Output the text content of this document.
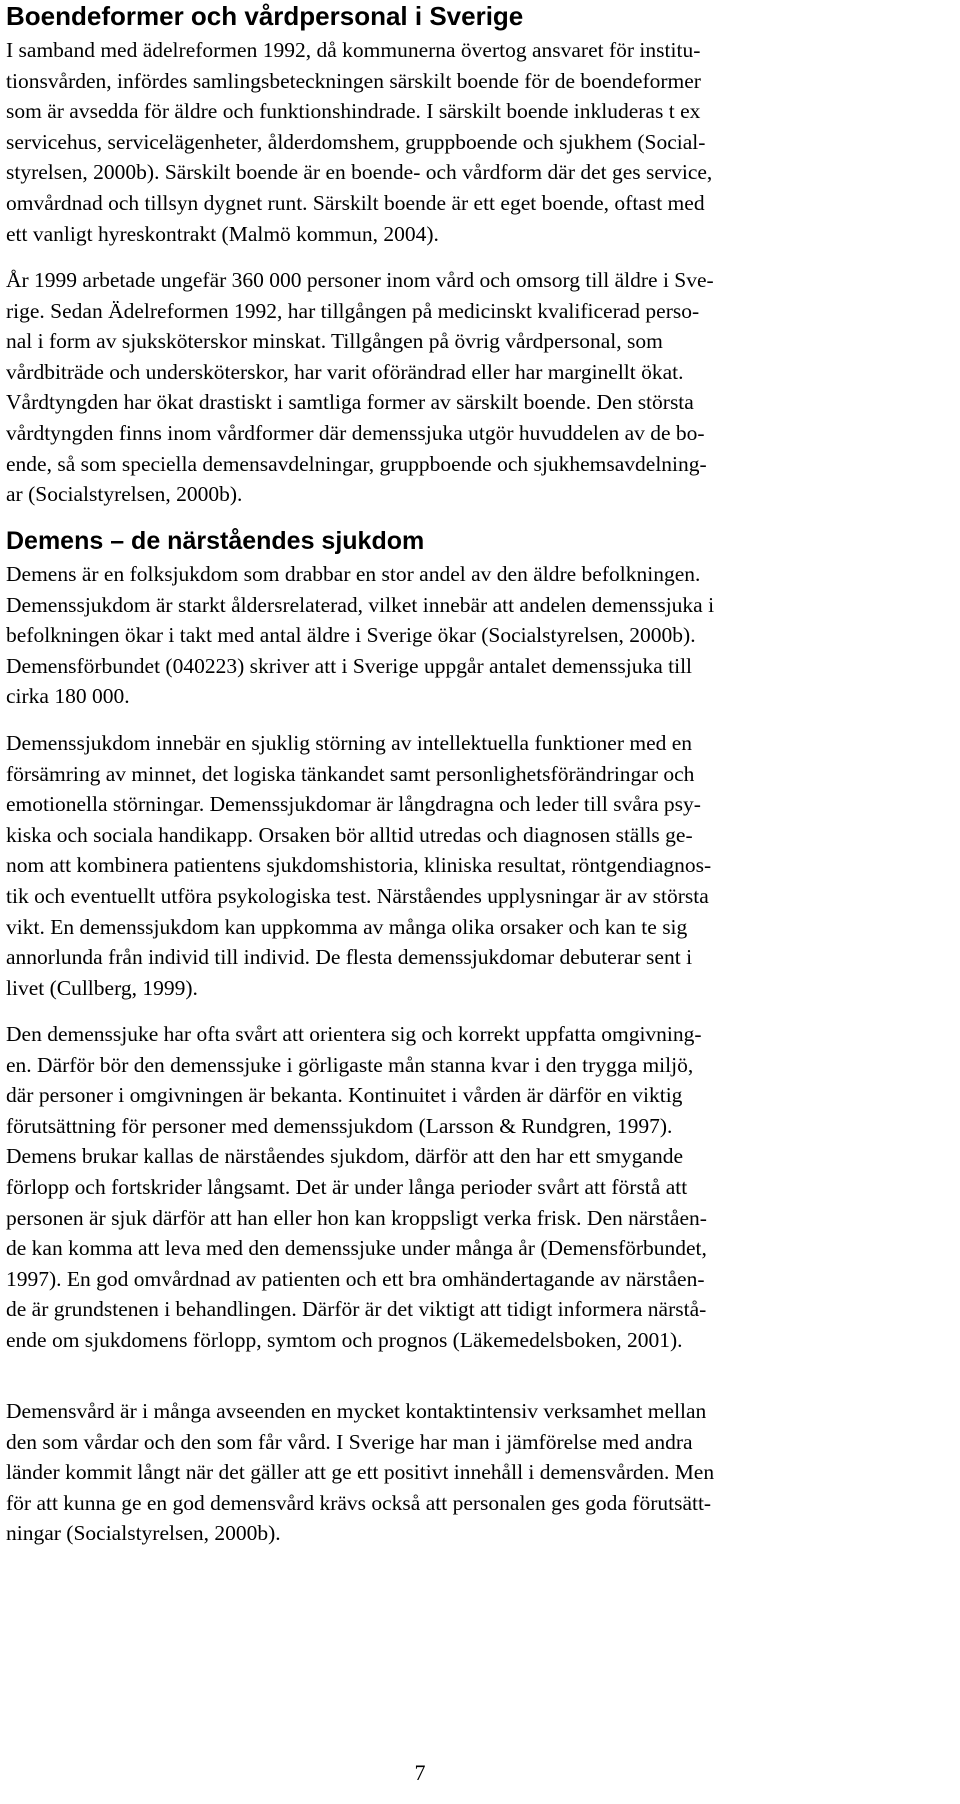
Boendeformer och vårdpersonal i Sverige
I samband med ädelreformen 1992, då kommunerna övertog ansvaret för institu-
tionsvården, infördes samlingsbeteckningen särskilt boende för de boendeformer
som är avsedda för äldre och funktionshindrade. I särskilt boende inkluderas t ex
servicehus, servicelägenheter, ålderdomshem, gruppboende och sjukhem (Social-
styrelsen, 2000b). Särskilt boende är en boende- och vårdform där det ges service,
omvårdnad och tillsyn dygnet runt. Särskilt boende är ett eget boende, oftast med
ett vanligt hyreskontrakt (Malmö kommun, 2004).
År 1999 arbetade ungefär 360 000 personer inom vård och omsorg till äldre i Sve-
rige. Sedan Ädelreformen 1992, har tillgången på medicinskt kvalificerad perso-
nal i form av sjuksköterskor minskat. Tillgången på övrig vårdpersonal, som
vårdbiträde och undersköterskor, har varit oförändrad eller har marginellt ökat.
Vårdtyngden har ökat drastiskt i samtliga former av särskilt boende. Den största
vårdtyngden finns inom vårdformer där demenssjuka utgör huvuddelen av de bo-
ende, så som speciella demensavdelningar, gruppboende och sjukhemsavdelning-
ar (Socialstyrelsen, 2000b).
Demens – de närståendes sjukdom
Demens är en folksjukdom som drabbar en stor andel av den äldre befolkningen.
Demenssjukdom är starkt åldersrelaterad, vilket innebär att andelen demenssjuka i
befolkningen ökar i takt med antal äldre i Sverige ökar (Socialstyrelsen, 2000b).
Demensförbundet (040223) skriver att i Sverige uppgår antalet demenssjuka till
cirka 180 000.
Demenssjukdom innebär en sjuklig störning av intellektuella funktioner med en
försämring av minnet, det logiska tänkandet samt personlighetsförändringar och
emotionella störningar. Demenssjukdomar är långdragna och leder till svåra psy-
kiska och sociala handikapp. Orsaken bör alltid utredas och diagnosen ställs ge-
nom att kombinera patientens sjukdomshistoria, kliniska resultat, röntgendiagnos-
tik och eventuellt utföra psykologiska test. Närståendes upplysningar är av största
vikt. En demenssjukdom kan uppkomma av många olika orsaker och kan te sig
annorlunda från individ till individ. De flesta demenssjukdomar debuterar sent i
livet (Cullberg, 1999).
Den demenssjuke har ofta svårt att orientera sig och korrekt uppfatta omgivning-
en. Därför bör den demenssjuke i görligaste mån stanna kvar i den trygga miljö,
där personer i omgivningen är bekanta. Kontinuitet i vården är därför en viktig
förutsättning för personer med demenssjukdom (Larsson & Rundgren, 1997).
Demens brukar kallas de närståendes sjukdom, därför att den har ett smygande
förlopp och fortskrider långsamt. Det är under långa perioder svårt att förstå att
personen är sjuk därför att han eller hon kan kroppsligt verka frisk. Den närståen-
de kan komma att leva med den demenssjuke under många år (Demensförbundet,
1997). En god omvårdnad av patienten och ett bra omhändertagande av närståen-
de är grundstenen i behandlingen. Därför är det viktigt att tidigt informera närstå-
ende om sjukdomens förlopp, symtom och prognos (Läkemedelsboken, 2001).
Demensvård är i många avseenden en mycket kontaktintensiv verksamhet mellan
den som vårdar och den som får vård. I Sverige har man i jämförelse med andra
länder kommit långt när det gäller att ge ett positivt innehåll i demensvården. Men
för att kunna ge en god demensvård krävs också att personalen ges goda förutsätt-
ningar (Socialstyrelsen, 2000b).
7
